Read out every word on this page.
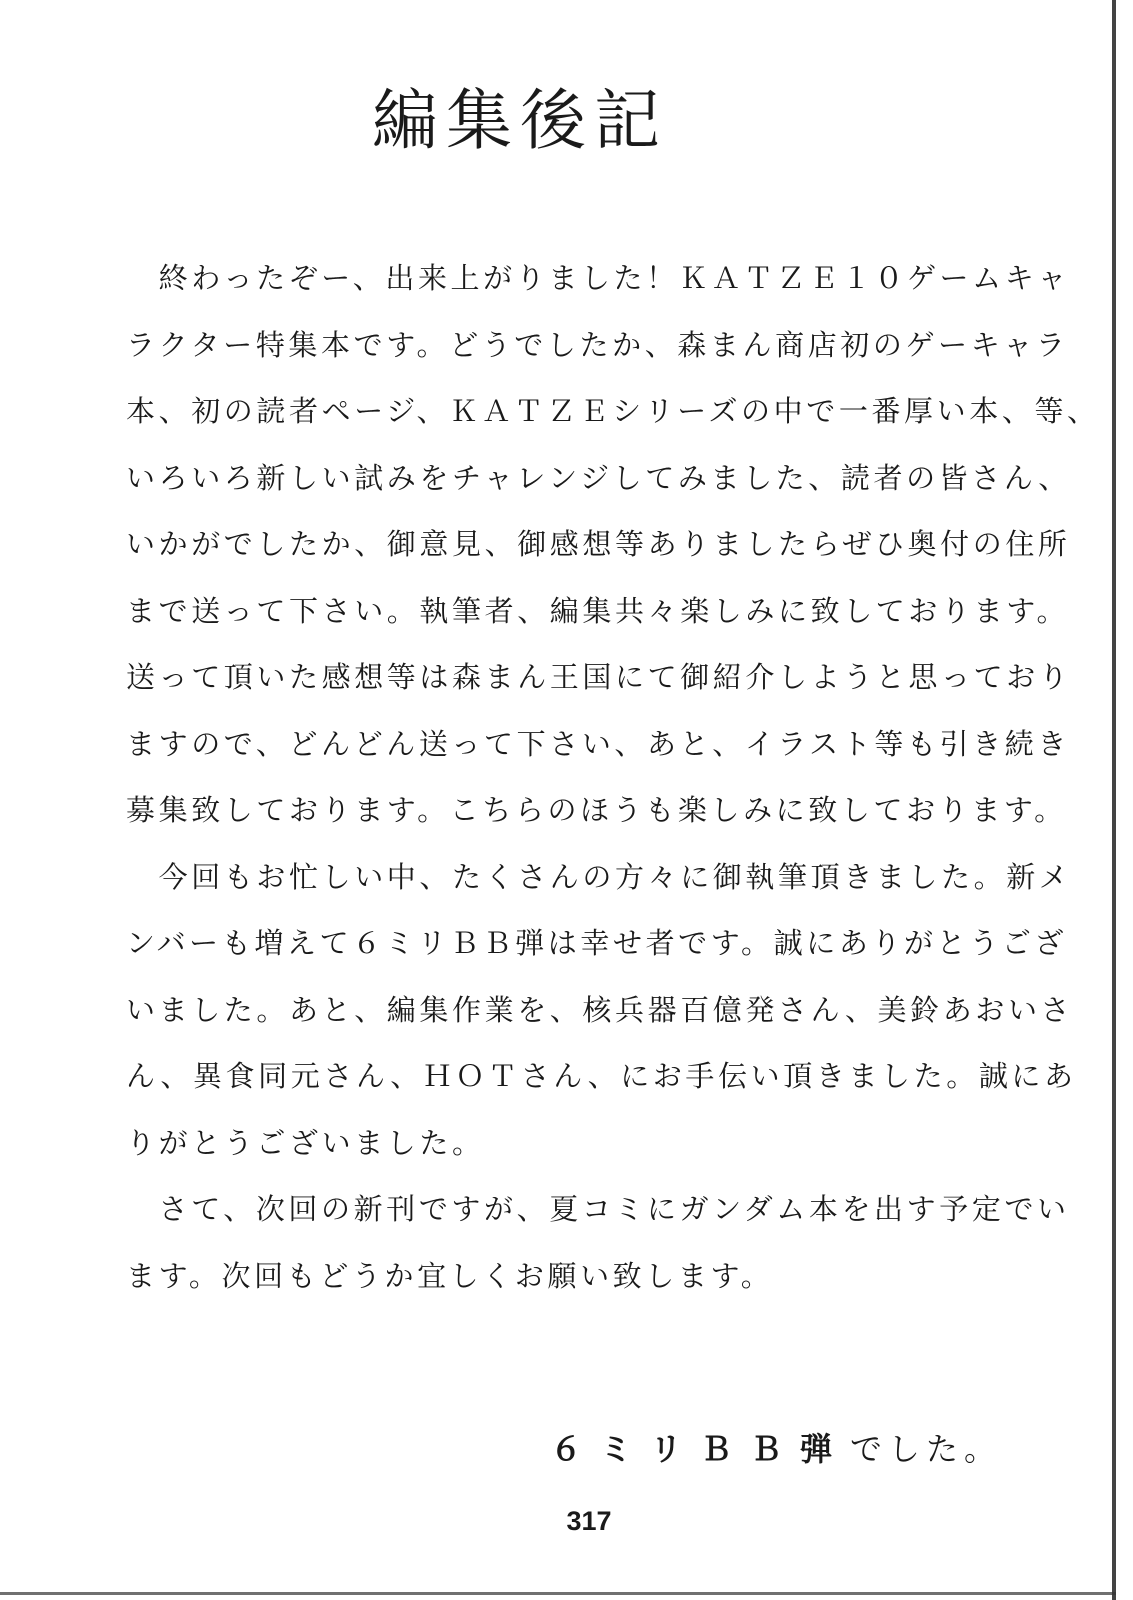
編集後記
　終わったぞー、出来上がりました！ＫＡＴＺＥ１０ゲームキャ
ラクター特集本です。どうでしたか、森まん商店初のゲーキャラ
本、初の読者ページ、ＫＡＴＺＥシリーズの中で一番厚い本、等、
いろいろ新しい試みをチャレンジしてみました、読者の皆さん、
いかがでしたか、御意見、御感想等ありましたらぜひ奥付の住所
まで送って下さい。執筆者、編集共々楽しみに致しております。
送って頂いた感想等は森まん王国にて御紹介しようと思っており
ますので、どんどん送って下さい、あと、イラスト等も引き続き
募集致しております。こちらのほうも楽しみに致しております。
　今回もお忙しい中、たくさんの方々に御執筆頂きました。新メ
ンバーも増えて６ミリＢＢ弾は幸せ者です。誠にありがとうござ
いました。あと、編集作業を、核兵器百億発さん、美鈴あおいさ
ん、異食同元さん、ＨＯＴさん、にお手伝い頂きました。誠にあ
りがとうございました。
　さて、次回の新刊ですが、夏コミにガンダム本を出す予定でい
ます。次回もどうか宜しくお願い致します。
６ミリＢＢ弾でした。
317
